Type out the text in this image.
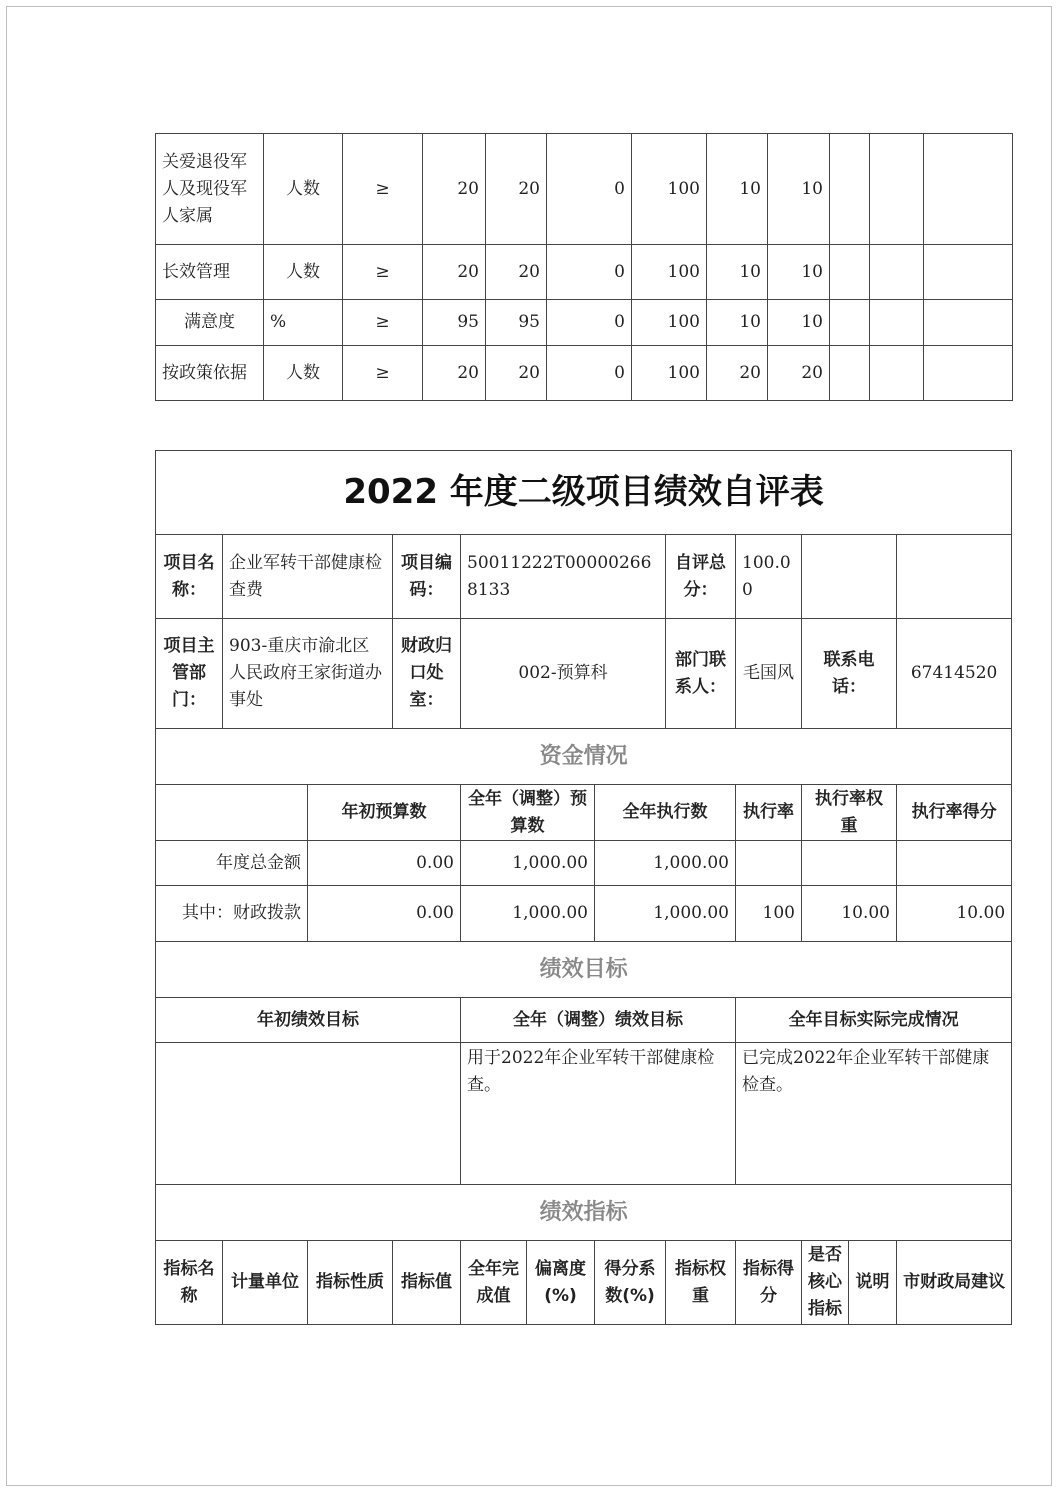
关爱退役军人及现役军人家属	人数	≥	20	20	0	100	10	10			
长效管理	人数	≥	20	20	0	100	10	10			
满意度	%	≥	95	95	0	100	10	10			
按政策依据	人数	≥	20	20	0	100	20	20			
2022 年度二级项目绩效自评表											
项目名称：	企业军转干部健康检查费		项目编码：	50011222T000002668133			自评总分：	100.00			
项目主管部门：	903-重庆市渝北区人民政府王家街道办事处		财政归口处室：	002-预算科			部门联系人：	毛国风	联系电话：		67414520
资金情况											
		年初预算数		全年（调整）预算数		全年执行数		执行率	执行率权重		执行率得分
年度总金额		0.00		1,000.00		1,000.00					
其中：财政拨款		0.00		1,000.00		1,000.00		100	10.00		10.00
绩效目标											
年初绩效目标				全年（调整）绩效目标				全年目标实际完成情况			
				用于2022年企业军转干部健康检查。				已完成2022年企业军转干部健康检查。			
绩效指标											
指标名称	计量单位	指标性质	指标值	全年完成值	偏离度(%)	得分系数(%)	指标权重	指标得分	是否核心指标	说明	市财政局建议
